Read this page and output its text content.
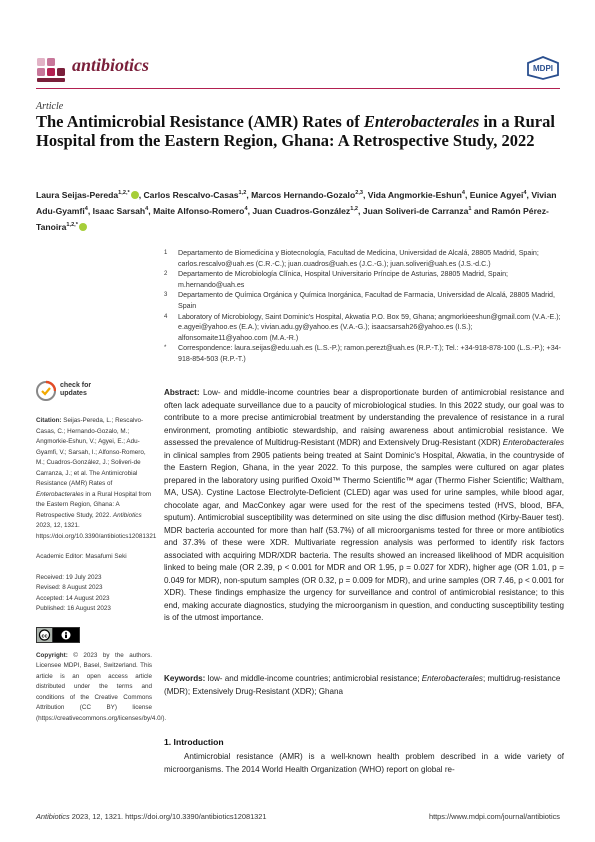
antibiotics	MDPI
Article
The Antimicrobial Resistance (AMR) Rates of Enterobacterales in a Rural Hospital from the Eastern Region, Ghana: A Retrospective Study, 2022
Laura Seijas-Pereda$^{1,2,*}$ , Carlos Rescalvo-Casas$^{1,2}$, Marcos Hernando-Gozalo$^{2,3}$, Vida Angmorkie-Eshun$^4$, Eunice Agyei$^4$, Vivian Adu-Gyamfi$^4$, Isaac Sarsah$^4$, Maite Alfonso-Romero$^4$, Juan Cuadros-González$^{1,2}$, Juan Soliveri-de Carranza$^1$ and Ramón Pérez-Tanoira$^{1,2,*}$
1 Departamento de Biomedicina y Biotecnología, Facultad de Medicina, Universidad de Alcalá, 28805 Madrid, Spain; carlos.rescalvo@uah.es (C.R.-C.); juan.cuadros@uah.es (J.C.-G.); juan.soliveri@uah.es (J.S.-d.C.)
2 Departamento de Microbiología Clínica, Hospital Universitario Príncipe de Asturias, 28805 Madrid, Spain; m.hernando@uah.es
3 Departamento de Química Orgánica y Química Inorgánica, Facultad de Farmacia, Universidad de Alcalá, 28805 Madrid, Spain
4 Laboratory of Microbiology, Saint Dominic's Hospital, Akwatia P.O. Box 59, Ghana; angmorkieeshun@gmail.com (V.A.-E.); e.agyei@yahoo.es (E.A.); vivian.adu.gy@yahoo.es (V.A.-G.); isaacsarsah26@yahoo.es (I.S.); alfonsomaite11@yahoo.com (M.A.-R.)
* Correspondence: laura.seijas@edu.uah.es (L.S.-P.); ramon.perezt@uah.es (R.P.-T.); Tel.: +34-918-878-100 (L.S.-P.); +34-918-854-503 (R.P.-T.)
check for
updates
Citation: Seijas-Pereda, L.; Rescalvo-Casas, C.; Hernando-Gozalo, M.; Angmorkie-Eshun, V.; Agyei, E.; Adu-Gyamfi, V.; Sarsah, I.; Alfonso-Romero, M.; Cuadros-González, J.; Soliveri-de Carranza, J.; et al. The Antimicrobial Resistance (AMR) Rates of Enterobacterales in a Rural Hospital from the Eastern Region, Ghana: A Retrospective Study, 2022. Antibiotics 2023, 12, 1321. https://doi.org/10.3390/antibiotics12081321
Academic Editor: Masafumi Seki
Received: 19 July 2023
Revised: 8 August 2023
Accepted: 14 August 2023
Published: 16 August 2023
cc
Copyright: © 2023 by the authors. Licensee MDPI, Basel, Switzerland. This article is an open access article distributed under the terms and conditions of the Creative Commons Attribution (CC BY) license (https://creativecommons.org/licenses/by/4.0/).
Abstract: Low- and middle-income countries bear a disproportionate burden of antimicrobial resistance and often lack adequate surveillance due to a paucity of microbiological studies. In this 2022 study, our goal was to contribute to a more precise antimicrobial treatment by understanding the prevalence of resistance in a rural environment, promoting antibiotic stewardship, and raising awareness about antimicrobial resistance. We assessed the prevalence of Multidrug-Resistant (MDR) and Extensively Drug-Resistant (XDR) Enterobacterales in clinical samples from 2905 patients being treated at Saint Dominic's Hospital, Akwatia, in the countryside of the Eastern Region, Ghana, in the year 2022. To this purpose, the samples were cultured on agar plates prepared in the laboratory using purified Oxoid™ Thermo Scientific™ agar (Thermo Fisher Scientific; Waltham, MA, USA). Cystine Lactose Electrolyte-Deficient (CLED) agar was used for urine samples, while blood agar, chocolate agar, and MacConkey agar were used for the rest of the specimens tested (HVS, blood, BFA, sputum). Antimicrobial susceptibility was determined on site using the disc diffusion method (Kirby-Bauer test). MDR bacteria accounted for more than half (53.7%) of all microorganisms tested for three or more antibiotics and 37.3% of these were XDR. Multivariate regression analysis was performed to identify risk factors associated with acquiring MDR/XDR bacteria. The results showed an increased likelihood of MDR acquisition linked to being male (OR 2.39, p < 0.001 for MDR and OR 1.95, p = 0.027 for XDR), higher age (OR 1.01, p = 0.049 for MDR), non-sputum samples (OR 0.32, p = 0.009 for MDR), and urine samples (OR 7.46, p < 0.001 for XDR). These findings emphasize the urgency for surveillance and control of antimicrobial resistance; to this end, making accurate diagnostics, studying the microorganism in question, and conducting susceptibility testing is of the utmost importance.
Keywords: low- and middle-income countries; antimicrobial resistance; Enterobacterales; multidrug-resistance (MDR); Extensively Drug-Resistant (XDR); Ghana
1. Introduction
Antimicrobial resistance (AMR) is a well-known health problem described in a wide variety of microorganisms. The 2014 World Health Organization (WHO) report on global re-
Antibiotics 2023, 12, 1321. https://doi.org/10.3390/antibiotics12081321	https://www.mdpi.com/journal/antibiotics
